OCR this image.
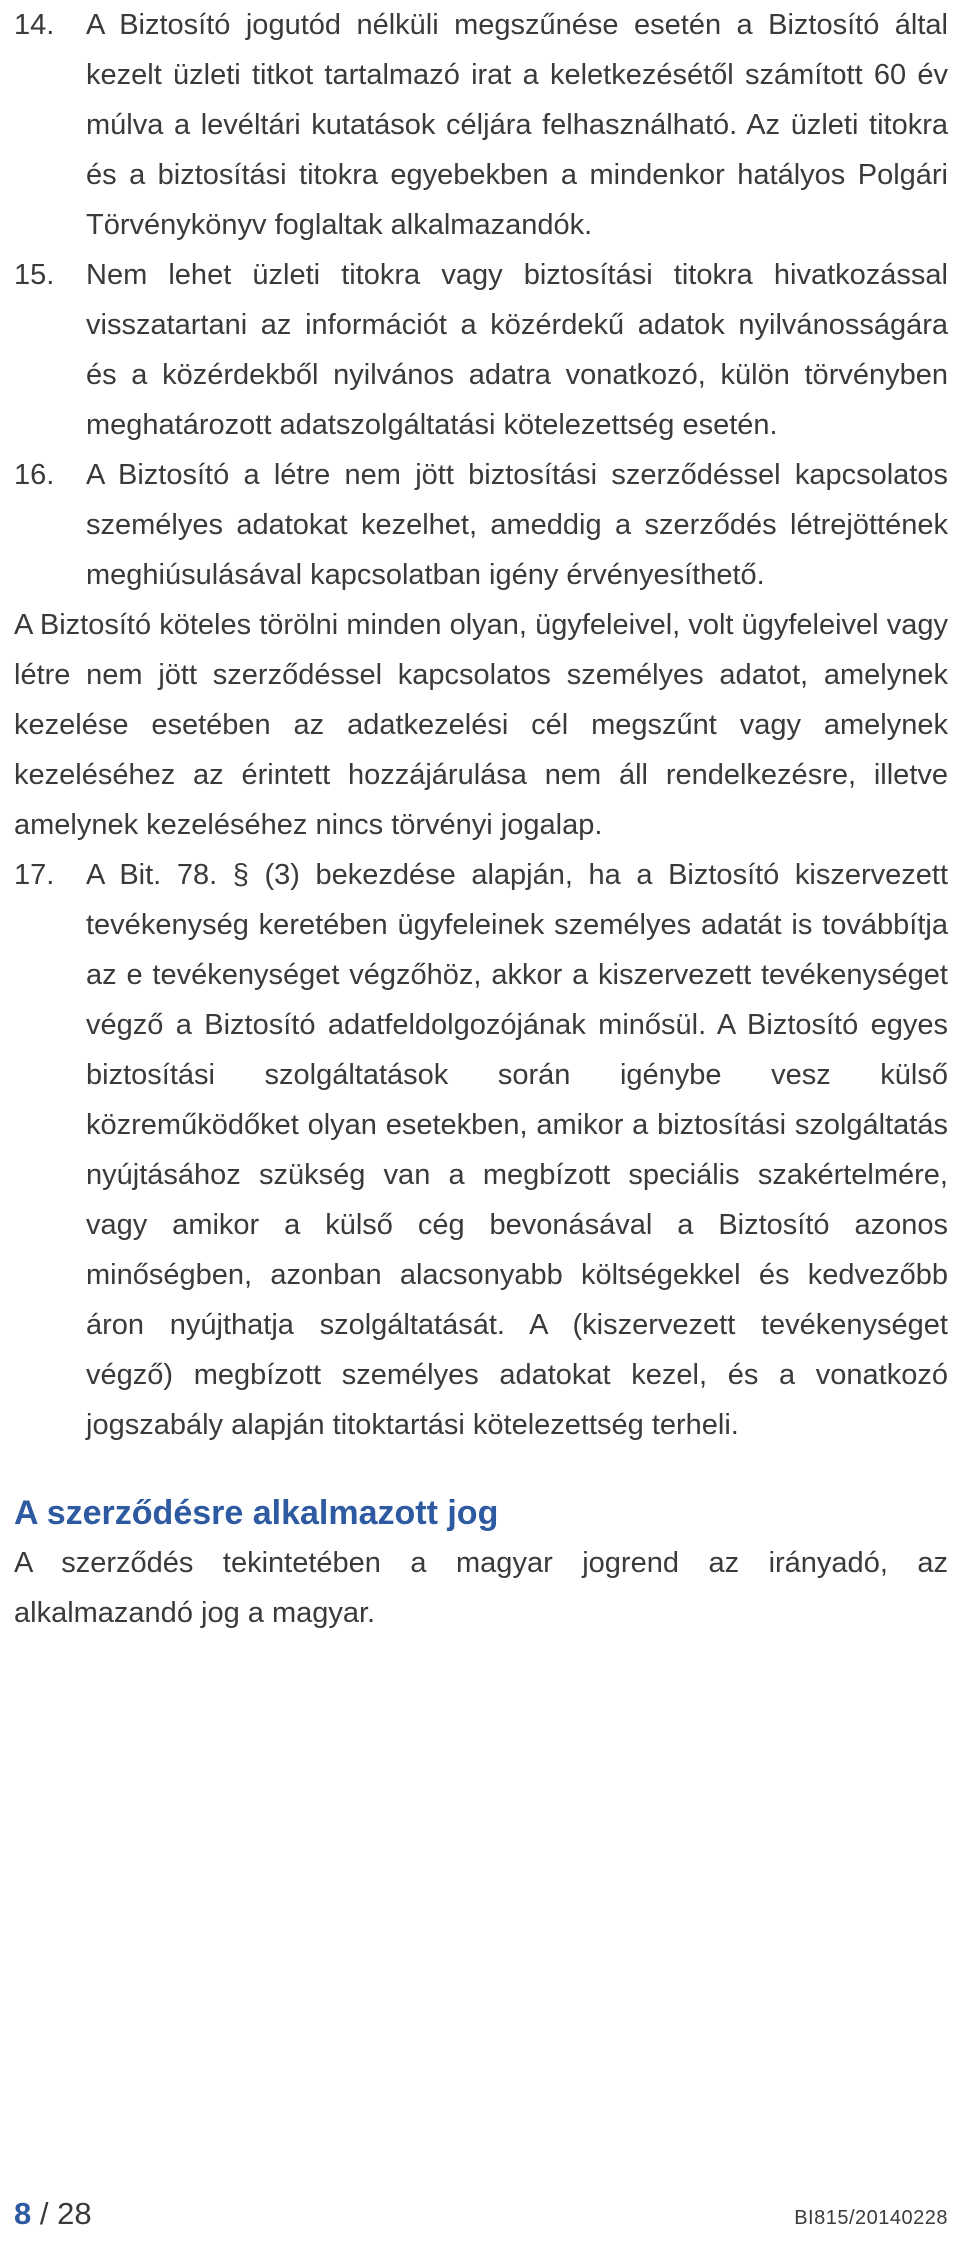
14.	A Biztosító jogutód nélküli megszűnése esetén a Biztosító által kezelt üzleti titkot tartalmazó irat a keletkezésétől számított 60 év múlva a levéltári kutatások céljára felhasználható. Az üzleti titokra és a biztosítási titokra egyebekben a mindenkor hatályos Polgári Törvénykönyv foglaltak alkalmazandók.
15.	Nem lehet üzleti titokra vagy biztosítási titokra hivatkozással visszatartani az információt a közérdekű adatok nyilvánosságára és a közérdekből nyilvános adatra vonatkozó, külön törvényben meghatározott adatszolgáltatási kötelezettség esetén.
16.	A Biztosító a létre nem jött biztosítási szerződéssel kapcsolatos személyes adatokat kezelhet, ameddig a szerződés létrejöttének meghiúsulásával kapcsolatban igény érvényesíthető.

A Biztosító köteles törölni minden olyan, ügyfeleivel, volt ügyfeleivel vagy létre nem jött szerződéssel kapcsolatos személyes adatot, amelynek kezelése esetében az adatkezelési cél megszűnt vagy amelynek kezeléséhez az érintett hozzájárulása nem áll rendelkezésre, illetve amelynek kezeléséhez nincs törvényi jogalap.

17.	A Bit. 78. § (3) bekezdése alapján, ha a Biztosító kiszervezett tevékenység keretében ügyfeleinek személyes adatát is továbbítja az e tevékenységet végzőhöz, akkor a kiszervezett tevékenységet végző a Biztosító adatfeldolgozójának minősül. A Biztosító egyes biztosítási szolgáltatások során igénybe vesz külső közreműködőket olyan esetekben, amikor a biztosítási szolgáltatás nyújtásához szükség van a megbízott speciális szakértelmére, vagy amikor a külső cég bevonásával a Biztosító azonos minőségben, azonban alacsonyabb költségekkel és kedvezőbb áron nyújthatja szolgáltatását. A (kiszervezett tevékenységet végző) megbízott személyes adatokat kezel, és a vonatkozó jogszabály alapján titoktartási kötelezettség terheli.
A szerződésre alkalmazott jog

A szerződés tekintetében a magyar jogrend az irányadó, az alkalmazandó jog a magyar.

8 / 28	BI815/20140228
